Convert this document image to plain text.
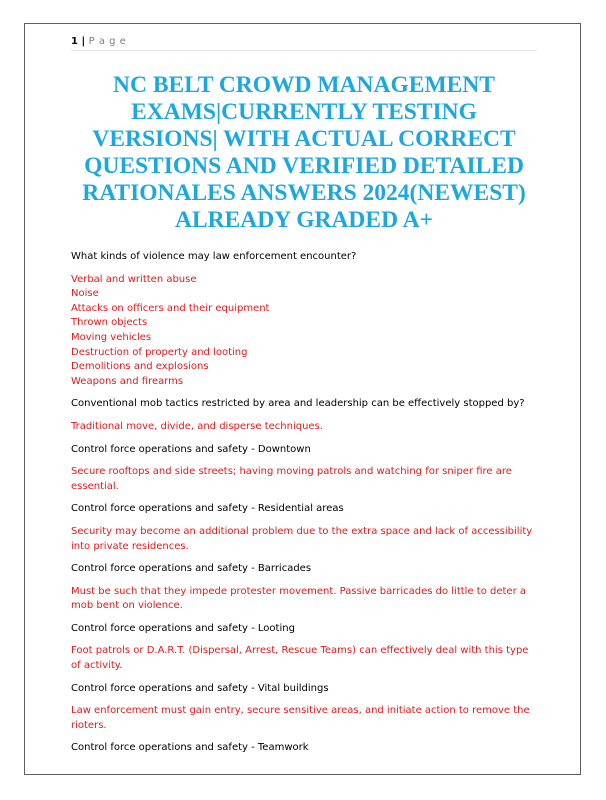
1 | P a g e
NC BELT CROWD MANAGEMENT EXAMS|CURRENTLY TESTING VERSIONS| WITH ACTUAL CORRECT QUESTIONS AND VERIFIED DETAILED RATIONALES ANSWERS 2024(NEWEST) ALREADY GRADED A+
What kinds of violence may law enforcement encounter?
Verbal and written abuse
Noise
Attacks on officers and their equipment
Thrown objects
Moving vehicles
Destruction of property and looting
Demolitions and explosions
Weapons and firearms
Conventional mob tactics restricted by area and leadership can be effectively stopped by?
Traditional move, divide, and disperse techniques.
Control force operations and safety - Downtown
Secure rooftops and side streets; having moving patrols and watching for sniper fire are essential.
Control force operations and safety - Residential areas
Security may become an additional problem due to the extra space and lack of accessibility into private residences.
Control force operations and safety - Barricades
Must be such that they impede protester movement. Passive barricades do little to deter a mob bent on violence.
Control force operations and safety - Looting
Foot patrols or D.A.R.T. (Dispersal, Arrest, Rescue Teams) can effectively deal with this type of activity.
Control force operations and safety - Vital buildings
Law enforcement must gain entry, secure sensitive areas, and initiate action to remove the rioters.
Control force operations and safety - Teamwork
